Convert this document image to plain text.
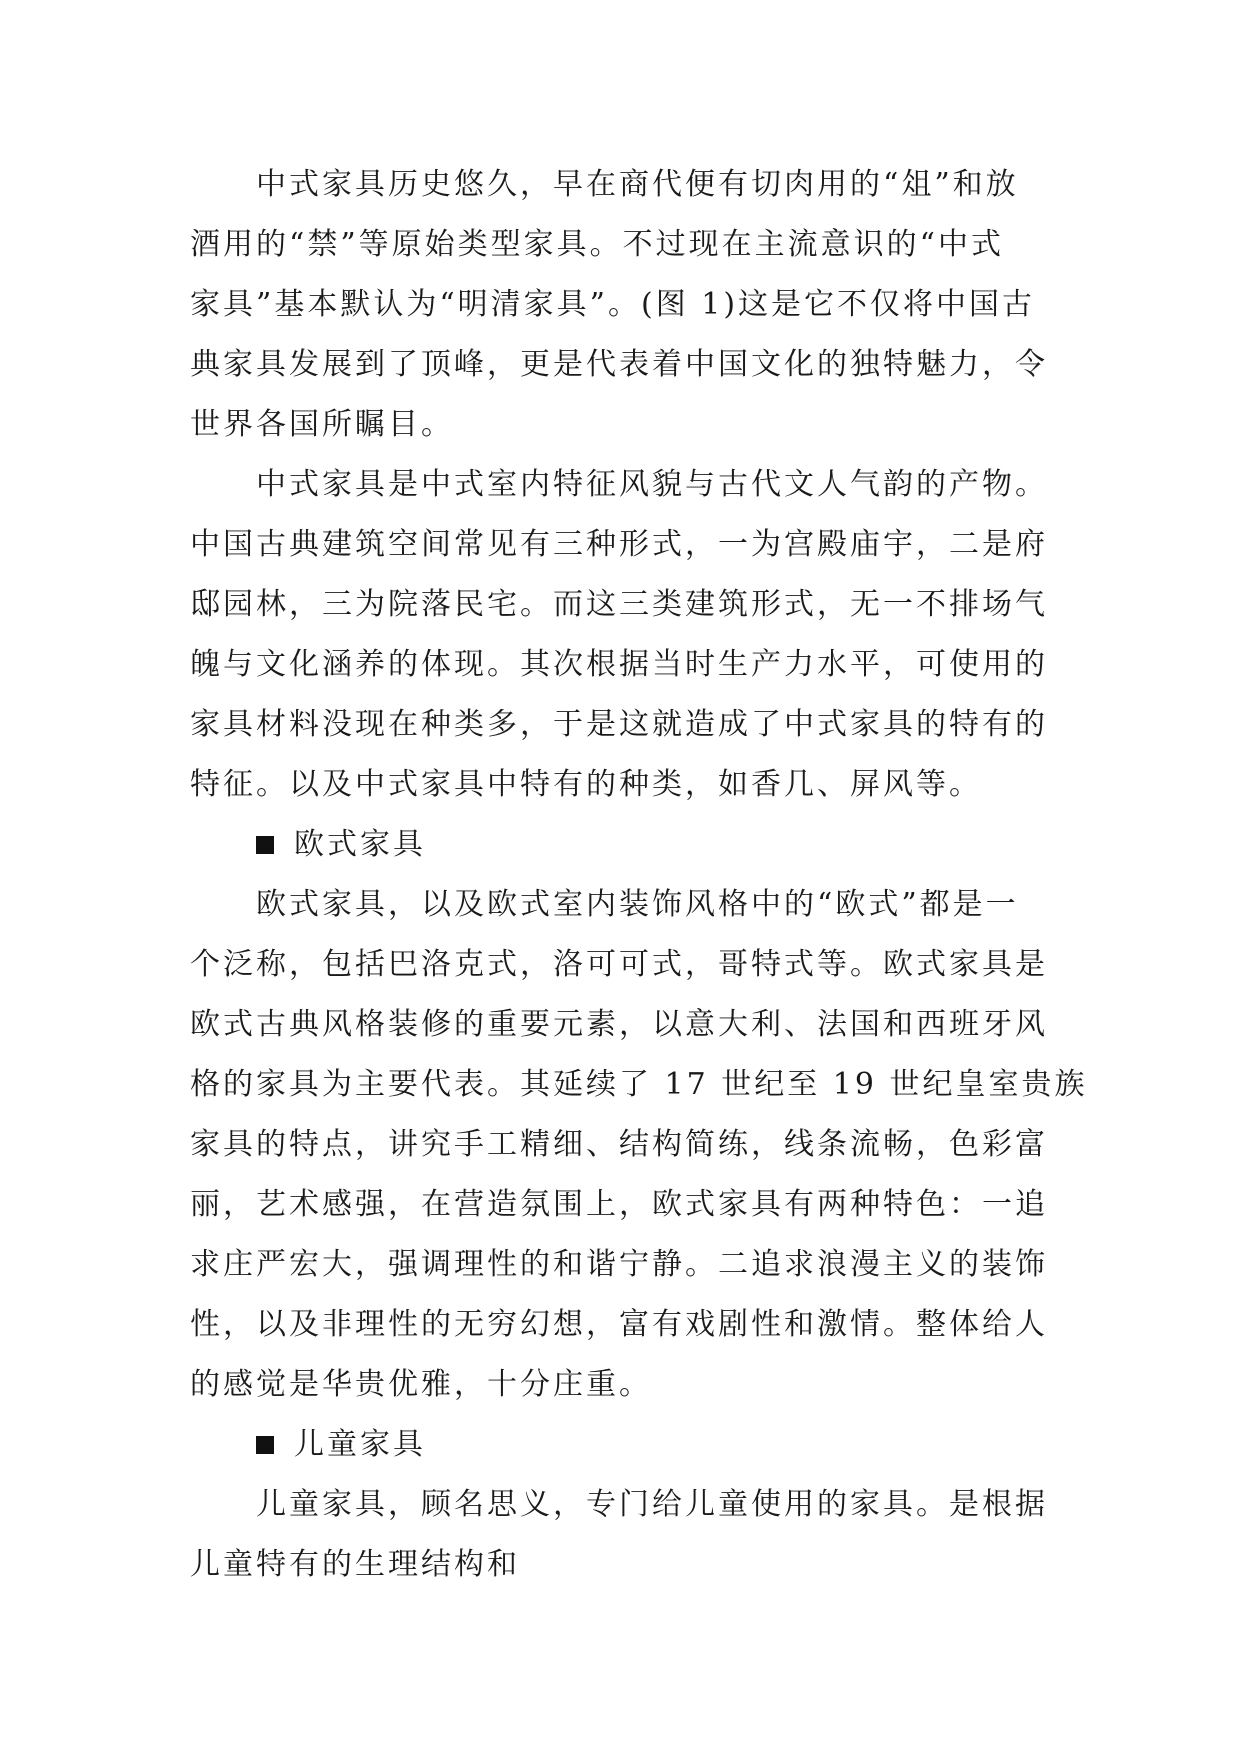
中式家具历史悠久，早在商代便有切肉用的“俎”和放
酒用的“禁”等原始类型家具。不过现在主流意识的“中式
家具”基本默认为“明清家具”。(图 1)这是它不仅将中国古
典家具发展到了顶峰，更是代表着中国文化的独特魅力，令
世界各国所瞩目。
中式家具是中式室内特征风貌与古代文人气韵的产物。
中国古典建筑空间常见有三种形式，一为宫殿庙宇，二是府
邸园林，三为院落民宅。而这三类建筑形式，无一不排场气
魄与文化涵养的体现。其次根据当时生产力水平，可使用的
家具材料没现在种类多，于是这就造成了中式家具的特有的
特征。以及中式家具中特有的种类，如香几、屏风等。
欧式家具
欧式家具，以及欧式室内装饰风格中的“欧式”都是一
个泛称，包括巴洛克式，洛可可式，哥特式等。欧式家具是
欧式古典风格装修的重要元素，以意大利、法国和西班牙风
格的家具为主要代表。其延续了 17 世纪至 19 世纪皇室贵族
家具的特点，讲究手工精细、结构简练，线条流畅，色彩富
丽，艺术感强，在营造氛围上，欧式家具有两种特色：一追
求庄严宏大，强调理性的和谐宁静。二追求浪漫主义的装饰
性，以及非理性的无穷幻想，富有戏剧性和激情。整体给人
的感觉是华贵优雅，十分庄重。
儿童家具
儿童家具，顾名思义，专门给儿童使用的家具。是根据
儿童特有的生理结构和
